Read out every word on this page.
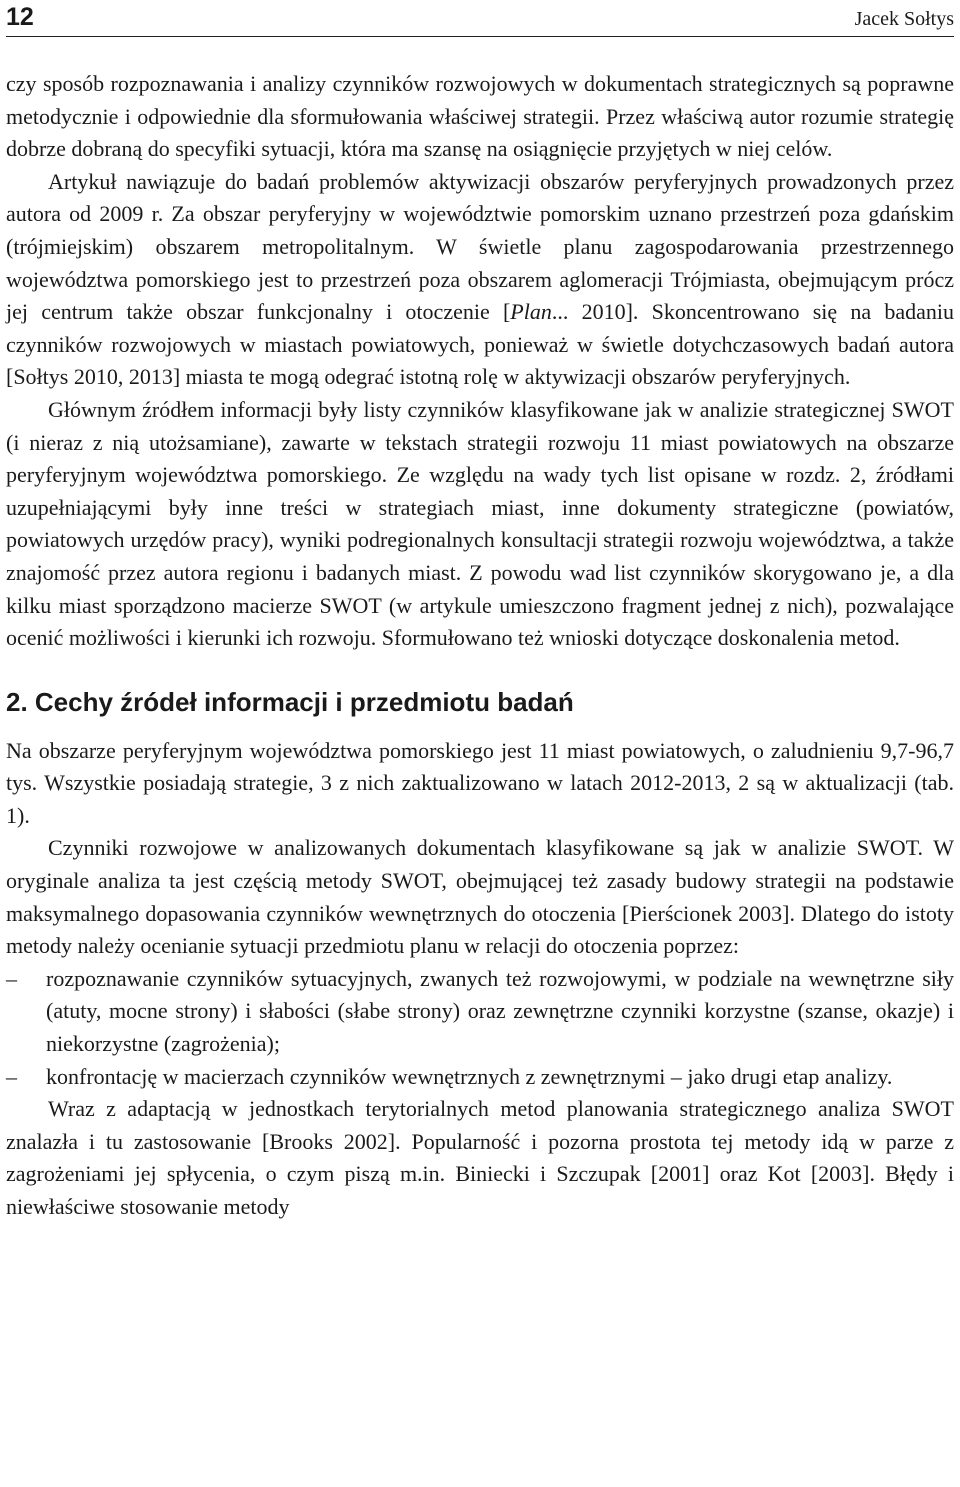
12	Jacek Sołtys

czy sposób rozpoznawania i analizy czynników rozwojowych w dokumentach strategicznych są poprawne metodycznie i odpowiednie dla sformułowania właściwej strategii. Przez właściwą autor rozumie strategię dobrze dobraną do specyfiki sytuacji, która ma szansę na osiągnięcie przyjętych w niej celów.

Artykuł nawiązuje do badań problemów aktywizacji obszarów peryferyjnych prowadzonych przez autora od 2009 r. Za obszar peryferyjny w województwie pomorskim uznano przestrzeń poza gdańskim (trójmiejskim) obszarem metropolitalnym. W świetle planu zagospodarowania przestrzennego województwa pomorskiego jest to przestrzeń poza obszarem aglomeracji Trójmiasta, obejmującym prócz jej centrum także obszar funkcjonalny i otoczenie [Plan... 2010]. Skoncentrowano się na badaniu czynników rozwojowych w miastach powiatowych, ponieważ w świetle dotychczasowych badań autora [Sołtys 2010, 2013] miasta te mogą odegrać istotną rolę w aktywizacji obszarów peryferyjnych.

Głównym źródłem informacji były listy czynników klasyfikowane jak w analizie strategicznej SWOT (i nieraz z nią utożsamiane), zawarte w tekstach strategii rozwoju 11 miast powiatowych na obszarze peryferyjnym województwa pomorskiego. Ze względu na wady tych list opisane w rozdz. 2, źródłami uzupełniającymi były inne treści w strategiach miast, inne dokumenty strategiczne (powiatów, powiatowych urzędów pracy), wyniki podregionalnych konsultacji strategii rozwoju województwa, a także znajomość przez autora regionu i badanych miast. Z powodu wad list czynników skorygowano je, a dla kilku miast sporządzono macierze SWOT (w artykule umieszczono fragment jednej z nich), pozwalające ocenić możliwości i kierunki ich rozwoju. Sformułowano też wnioski dotyczące doskonalenia metod.

2. Cechy źródeł informacji i przedmiotu badań

Na obszarze peryferyjnym województwa pomorskiego jest 11 miast powiatowych, o zaludnieniu 9,7-96,7 tys. Wszystkie posiadają strategie, 3 z nich zaktualizowano w latach 2012-2013, 2 są w aktualizacji (tab. 1).

Czynniki rozwojowe w analizowanych dokumentach klasyfikowane są jak w analizie SWOT. W oryginale analiza ta jest częścią metody SWOT, obejmującej też zasady budowy strategii na podstawie maksymalnego dopasowania czynników wewnętrznych do otoczenia [Pierścionek 2003]. Dlatego do istoty metody należy ocenianie sytuacji przedmiotu planu w relacji do otoczenia poprzez:

– rozpoznawanie czynników sytuacyjnych, zwanych też rozwojowymi, w podziale na wewnętrzne siły (atuty, mocne strony) i słabości (słabe strony) oraz zewnętrzne czynniki korzystne (szanse, okazje) i niekorzystne (zagrożenia);
– konfrontację w macierzach czynników wewnętrznych z zewnętrznymi – jako drugi etap analizy.

Wraz z adaptacją w jednostkach terytorialnych metod planowania strategicznego analiza SWOT znalazła i tu zastosowanie [Brooks 2002]. Popularność i pozorna prostota tej metody idą w parze z zagrożeniami jej spłycenia, o czym piszą m.in. Biniecki i Szczupak [2001] oraz Kot [2003]. Błędy i niewłaściwe stosowanie metody
